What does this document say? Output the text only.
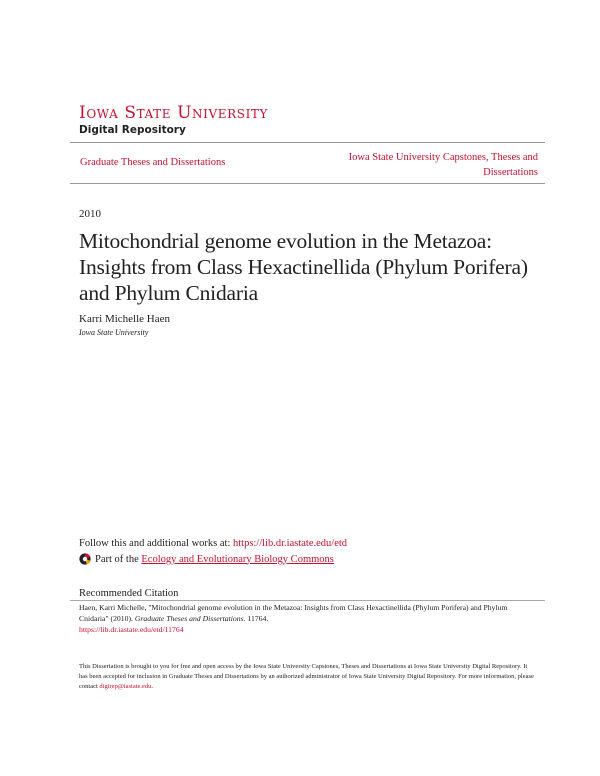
Iowa State University
Digital Repository
Graduate Theses and Dissertations	Iowa State University Capstones, Theses and Dissertations
2010
Mitochondrial genome evolution in the Metazoa: Insights from Class Hexactinellida (Phylum Porifera) and Phylum Cnidaria
Karri Michelle Haen
Iowa State University
Follow this and additional works at: https://lib.dr.iastate.edu/etd
Part of the
Ecology and Evolutionary Biology Commons
Recommended Citation
Haen, Karri Michelle, "Mitochondrial genome evolution in the Metazoa: Insights from Class Hexactinellida (Phylum Porifera) and Phylum Cnidaria" (2010). Graduate Theses and Dissertations. 11764.
https://lib.dr.iastate.edu/etd/11764
This Dissertation is brought to you for free and open access by the Iowa State University Capstones, Theses and Dissertations at Iowa State University Digital Repository. It has been accepted for inclusion in Graduate Theses and Dissertations by an authorized administrator of Iowa State University Digital Repository. For more information, please contact digirep@iastate.edu.
